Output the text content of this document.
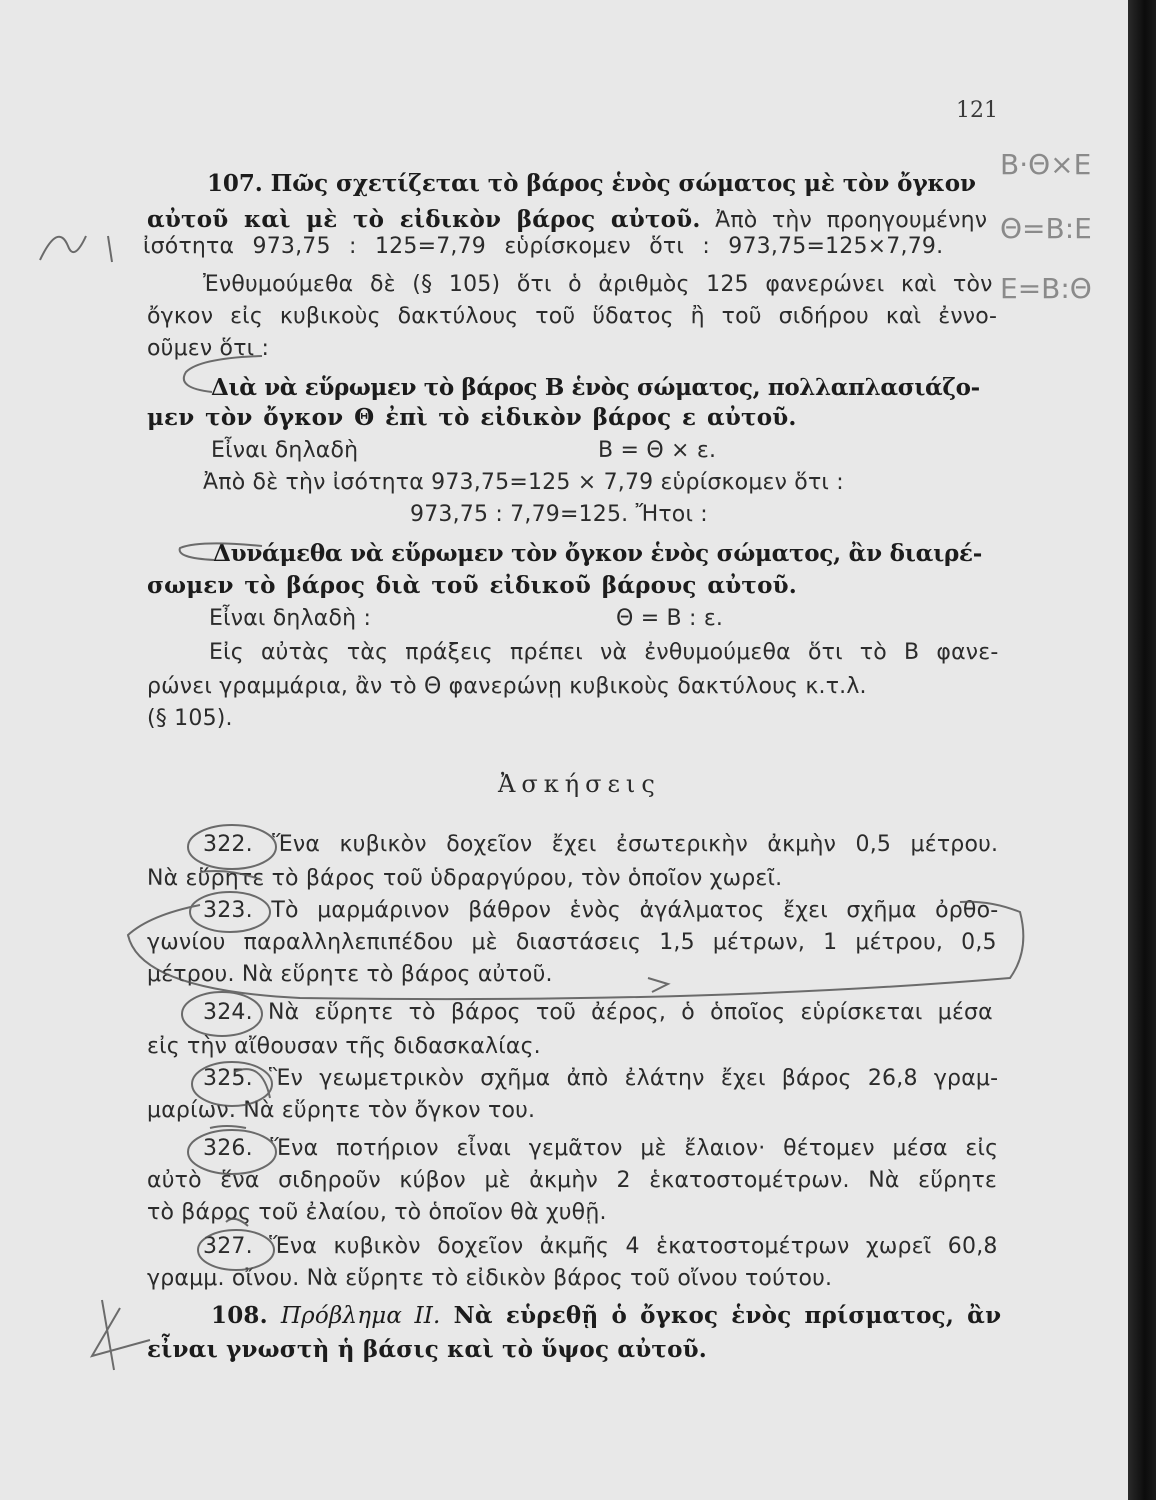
121
Ἀσκήσεις
107. Πῶς σχετίζεται τὸ βάρος ἑνὸς σώματος μὲ τὸν ὄγκον
αὐτοῦ καὶ μὲ τὸ εἰδικὸν βάρος αὐτοῦ. Ἀπὸ τὴν προηγουμένην
ἰσότητα 973,75 : 125=7,79 εὑρίσκομεν ὅτι : 973,75=125×7,79.
Ἐνθυμούμεθα δὲ (§ 105) ὅτι ὁ ἀριθμὸς 125 φανερώνει καὶ τὸν
ὄγκον εἰς κυβικοὺς δακτύλους τοῦ ὕδατος ἢ τοῦ σιδήρου καὶ ἐννο-
οῦμεν ὅτι :
Διὰ νὰ εὕρωμεν τὸ βάρος Β ἑνὸς σώματος, πολλαπλασιάζο-
μεν τὸν ὄγκον Θ ἐπὶ τὸ εἰδικὸν βάρος ε αὐτοῦ.
Εἶναι δηλαδὴ	Β = Θ × ε.
Ἀπὸ δὲ τὴν ἰσότητα 973,75=125 × 7,79 εὑρίσκομεν ὅτι :
973,75 : 7,79=125. Ἤτοι :
Δυνάμεθα νὰ εὕρωμεν τὸν ὄγκον ἑνὸς σώματος, ἂν διαιρέ-
σωμεν τὸ βάρος διὰ τοῦ εἰδικοῦ βάρους αὐτοῦ.
Εἶναι δηλαδὴ :	Θ = Β : ε.
Εἰς αὐτὰς τὰς πράξεις πρέπει νὰ ἐνθυμούμεθα ὅτι τὸ Β φανε-
ρώνει γραμμάρια, ἂν τὸ Θ φανερώνῃ κυβικοὺς δακτύλους κ.τ.λ.
(§ 105).
322. Ἕνα κυβικὸν δοχεῖον ἔχει ἐσωτερικὴν ἀκμὴν 0,5 μέτρου.
Νὰ εὕρητε τὸ βάρος τοῦ ὑδραργύρου, τὸν ὁποῖον χωρεῖ.
323. Τὸ μαρμάρινον βάθρον ἑνὸς ἀγάλματος ἔχει σχῆμα ὀρθο-
γωνίου παραλληλεπιπέδου μὲ διαστάσεις 1,5 μέτρων, 1 μέτρου, 0,5
μέτρου. Νὰ εὕρητε τὸ βάρος αὐτοῦ.
324. Νὰ εὕρητε τὸ βάρος τοῦ ἀέρος, ὁ ὁποῖος εὑρίσκεται μέσα
εἰς τὴν αἴθουσαν τῆς διδασκαλίας.
325. Ἓν γεωμετρικὸν σχῆμα ἀπὸ ἐλάτην ἔχει βάρος 26,8 γραμ-
μαρίων. Νὰ εὕρητε τὸν ὄγκον του.
326. Ἕνα ποτήριον εἶναι γεμᾶτον μὲ ἔλαιον· θέτομεν μέσα εἰς
αὐτὸ ἕνα σιδηροῦν κύβον μὲ ἀκμὴν 2 ἑκατοστομέτρων. Νὰ εὕρητε
τὸ βάρος τοῦ ἐλαίου, τὸ ὁποῖον θὰ χυθῇ.
327. Ἕνα κυβικὸν δοχεῖον ἀκμῆς 4 ἑκατοστομέτρων χωρεῖ 60,8
γραμμ. οἴνου. Νὰ εὕρητε τὸ εἰδικὸν βάρος τοῦ οἴνου τούτου.
108. Πρόβλημα II. Νὰ εὑρεθῇ ὁ ὄγκος ἑνὸς πρίσματος, ἂν
εἶναι γνωστὴ ἡ βάσις καὶ τὸ ὕψος αὐτοῦ.
Β·Θ×Ε
Θ=Β:Ε
Ε=Β:Θ
